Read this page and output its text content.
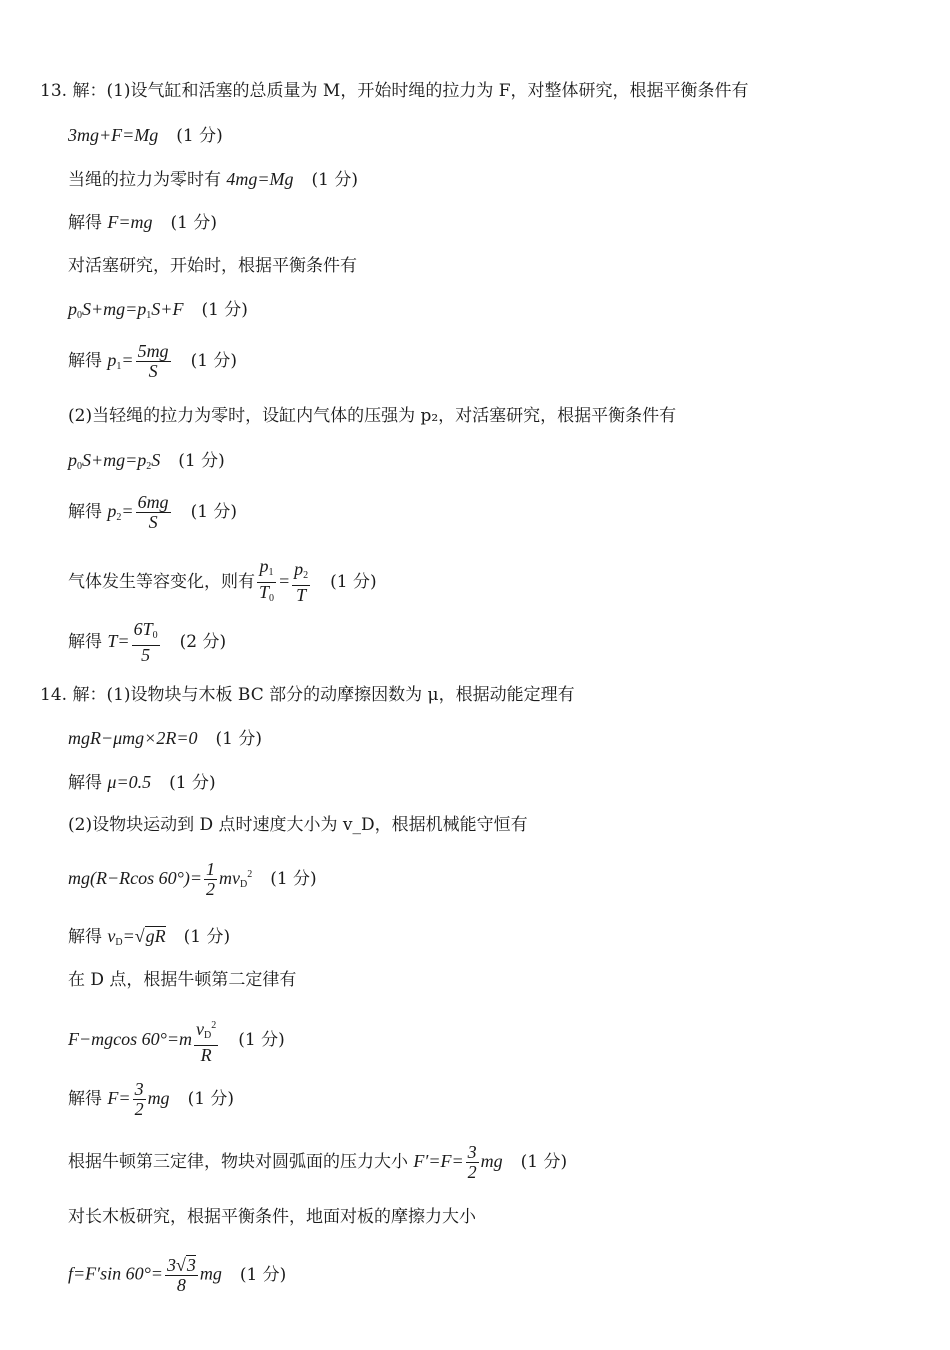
13. 解：(1)设气缸和活塞的总质量为 M，开始时绳的拉力为 F，对整体研究，根据平衡条件有
3mg+F=Mg (1 分)
当绳的拉力为零时有 4mg=Mg (1 分)
解得 F=mg (1 分)
对活塞研究，开始时，根据平衡条件有
$p_0S+mg=p_1S+F$ (1 分)
解得 $p_1= \frac{5mg}{S} (1$ 分)
(2)当轻绳的拉力为零时，设缸内气体的压强为 p₂，对活塞研究，根据平衡条件有
$p_0S+mg=p_2S$ (1 分)
解得 $p_2= \frac{6mg}{S} (1$ 分)
气体发生等容变化，则有 $\frac{p_1}{T_0} = \frac{p_2}{T} (1$ 分)
解得 $T= \frac{6T_0}{5} (2$ 分)
14. 解：(1)设物块与木板 BC 部分的动摩擦因数为 μ，根据动能定理有
mgR−μmg×2R=0 (1 分)
解得 μ=0.5 (1 分)
(2)设物块运动到 D 点时速度大小为 v_D，根据机械能守恒有
mg(R−Rcos $60^\circ)= \frac{1}{2} mv_D^2$ (1 分)
解得 $v_D=√gR$ (1 分)
在 D 点，根据牛顿第二定律有
F−mgcos $60^\circ=m \frac{v_D^2}{R} (1$ 分)
解得 $F= \frac{3}{2}$ mg (1 分)
根据牛顿第三定律，物块对圆弧面的压力大小 $F'=F= \frac{3}{2}$ mg (1 分)
对长木板研究，根据平衡条件，地面对板的摩擦力大小
f=F′sin $60^\circ= \frac{3√3}{8}$ mg (1 分)
